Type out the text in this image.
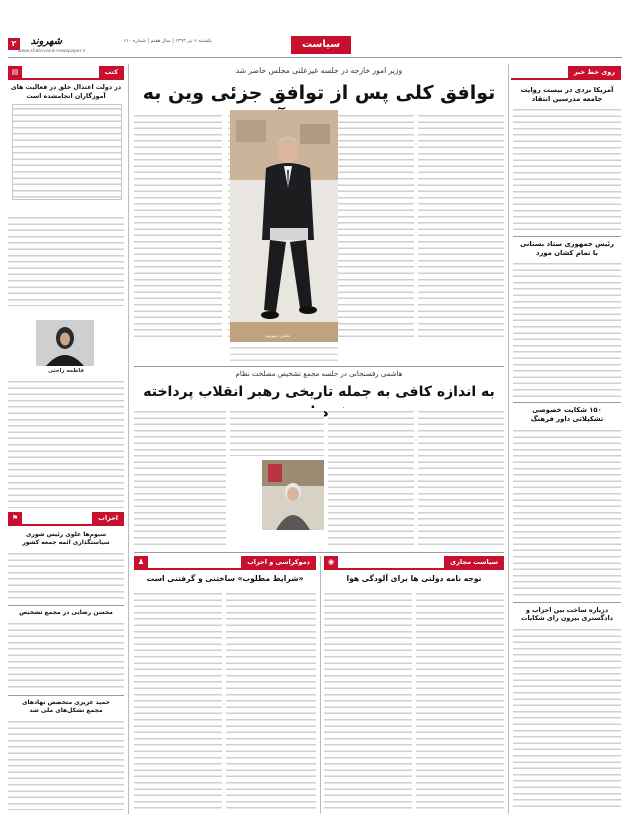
۲	شهروند	یکشنبه ۶ تیر ۱۳۹۴ | سال هفتم | شماره ۶۱۰
www.shahrvand-newspaper.ir
سیاست
روی خط خبر
آمریکا بزدی در بیست روایت
جامعه مدرسین انتقاد
رئیس جمهوری ستاد بستانی
با تمام کشان مورد
۱۵۰ شکایت خصوصی
تشکیلاتی داور فرهنگ
درباره ساخت بین احزاب و
دادگستری بیرون رای شکایات
کتب
▤
در دولت اعتدال خلق در فعالیت های
آموزگاران انجامشده است
فاطمه راحتی
احزاب
⚑
سیوم‌ها علوی رئیس شوری
سیاستگذاری ائمه جمعه کشور
محسن رضایی در مجمع تشخیص
حمید عزیزی متخصص نهادهای
مجمع تشکل‌های ملی شد
وزیر امور خارجه در جلسه غیرعلنی مجلس حاضر شد
توافق کلی پس از توافق جزئی وین به
عکس: شهروند
هاشمی رفسنجانی در جلسه مجمع تشخیص مصلحت نظام
به اندازه کافی به جمله تاریخی رهبر انقلاب پرداخته
دموکراسی و احزاب
♟
«شرایط مطلوب» ساختنی و گرفتنی است
سیاست مجازی
◉
توجه نامه دولتی ها برای آلودگی هوا
